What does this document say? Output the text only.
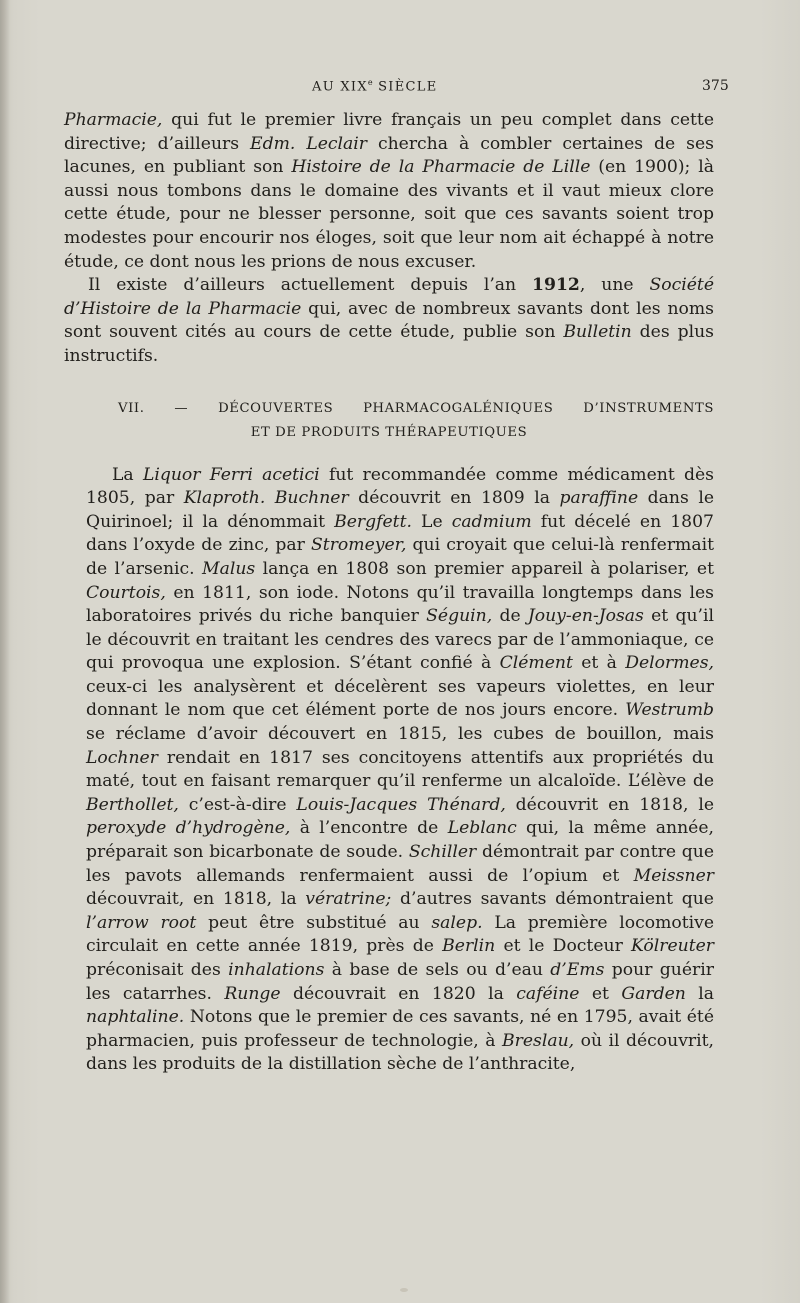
AU XIXe SIÈCLE	375

Pharmacie, qui fut le premier livre français un peu complet dans cette directive; d’ailleurs Edm. Leclair chercha à combler certaines de ses lacunes, en publiant son Histoire de la Pharmacie de Lille (en 1900); là aussi nous tombons dans le domaine des vivants et il vaut mieux clore cette étude, pour ne blesser personne, soit que ces savants soient trop modestes pour encourir nos éloges, soit que leur nom ait échappé à notre étude, ce dont nous les prions de nous excuser.

Il existe d’ailleurs actuellement depuis l’an 1912, une Société d’Histoire de la Pharmacie qui, avec de nombreux savants dont les noms sont souvent cités au cours de cette étude, publie son Bulletin des plus instructifs.

VII. — DÉCOUVERTES PHARMACOGALÉNIQUES D’INSTRUMENTS
ET DE PRODUITS THÉRAPEUTIQUES

La Liquor Ferri acetici fut recommandée comme médicament dès 1805, par Klaproth. Buchner découvrit en 1809 la paraffine dans le Quirinoel; il la dénommait Bergfett. Le cadmium fut décelé en 1807 dans l’oxyde de zinc, par Stromeyer, qui croyait que celui-là renfermait de l’arsenic. Malus lança en 1808 son premier appareil à polariser, et Courtois, en 1811, son iode. Notons qu’il travailla longtemps dans les laboratoires privés du riche banquier Séguin, de Jouy-en-Josas et qu’il le découvrit en traitant les cendres des varecs par de l’ammoniaque, ce qui provoqua une explosion. S’étant confié à Clément et à Delormes, ceux-ci les analysèrent et décelèrent ses vapeurs violettes, en leur donnant le nom que cet élément porte de nos jours encore. Westrumb se réclame d’avoir découvert en 1815, les cubes de bouillon, mais Lochner rendait en 1817 ses concitoyens attentifs aux propriétés du maté, tout en faisant remarquer qu’il renferme un alcaloïde. L’élève de Berthollet, c’est-à-dire Louis-Jacques Thénard, découvrit en 1818, le peroxyde d’hydrogène, à l’encontre de Leblanc qui, la même année, préparait son bicarbonate de soude. Schiller démontrait par contre que les pavots allemands renfermaient aussi de l’opium et Meissner découvrait, en 1818, la vératrine; d’autres savants démontraient que l’arrow root peut être substitué au salep. La première locomotive circulait en cette année 1819, près de Berlin et le Docteur Kölreuter préconisait des inhalations à base de sels ou d’eau d’Ems pour guérir les catarrhes. Runge découvrait en 1820 la caféine et Garden la naphtaline. Notons que le premier de ces savants, né en 1795, avait été pharmacien, puis professeur de technologie, à Breslau, où il découvrit, dans les produits de la distillation sèche de l’anthracite,
